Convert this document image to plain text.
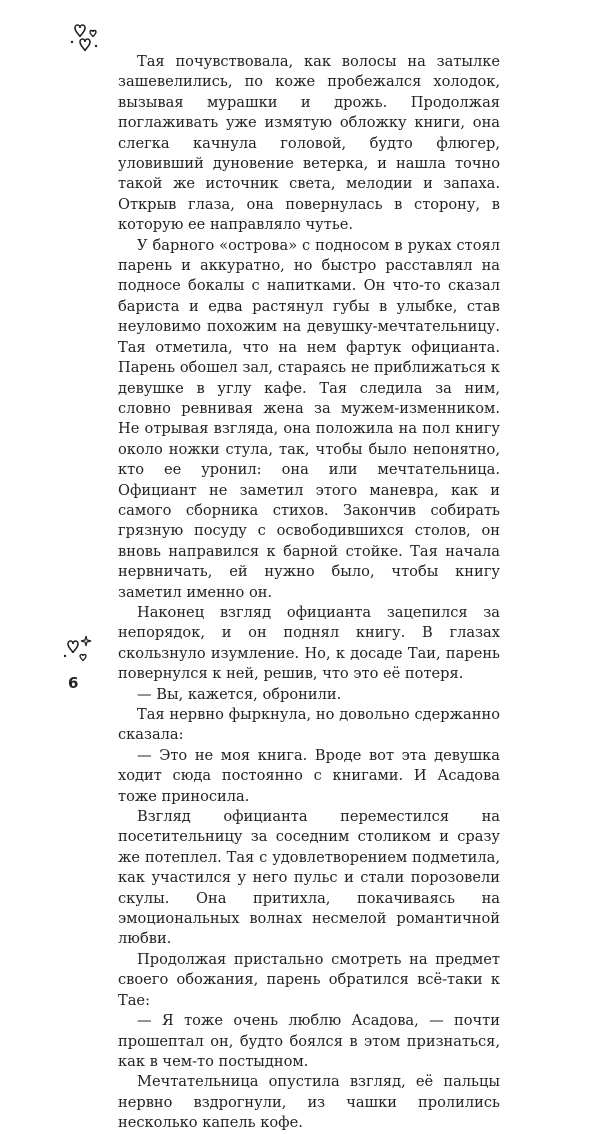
Тая почувствовала, как волосы на затылке зашевелились, по коже пробежался холодок, вызывая мурашки и дрожь. Продолжая поглаживать уже измятую обложку книги, она слегка качнула головой, будто флюгер, уловивший дуновение ветерка, и нашла точно такой же источник света, мелодии и запаха. Открыв глаза, она повернулась в сторону, в которую ее направляло чутье.

У барного «острова» с подносом в руках стоял парень и аккуратно, но быстро расставлял на подносе бокалы с напитками. Он что-то сказал бариста и едва растянул губы в улыбке, став неуловимо похожим на девушку-мечтательницу. Тая отметила, что на нем фартук официанта. Парень обошел зал, стараясь не приближаться к девушке в углу кафе. Тая следила за ним, словно ревнивая жена за мужем-изменником. Не отрывая взгляда, она положила на пол книгу около ножки стула, так, чтобы было непонятно, кто ее уронил: она или мечтательница. Официант не заметил этого маневра, как и самого сборника стихов. Закончив собирать грязную посуду с освободившихся столов, он вновь направился к барной стойке. Тая начала нервничать, ей нужно было, чтобы книгу заметил именно он.

Наконец взгляд официанта зацепился за непорядок, и он поднял книгу. В глазах скользнуло изумление. Но, к досаде Таи, парень повернулся к ней, решив, что это её потеря.

— Вы, кажется, обронили.

Тая нервно фыркнула, но довольно сдержанно сказала:

— Это не моя книга. Вроде вот эта девушка ходит сюда постоянно с книгами. И Асадова тоже приносила.

Взгляд официанта переместился на посетительницу за соседним столиком и сразу же потеплел. Тая с удовлетворением подметила, как участился у него пульс и стали порозовели скулы. Она притихла, покачиваясь на эмоциональных волнах несмелой романтичной любви.

Продолжая пристально смотреть на предмет своего обожания, парень обратился всё-таки к Тае:

— Я тоже очень люблю Асадова, — почти прошептал он, будто боялся в этом признаться, как в чем-то постыдном.

Мечтательница опустила взгляд, её пальцы нервно вздрогнули, из чашки пролились несколько капель кофе.

6
